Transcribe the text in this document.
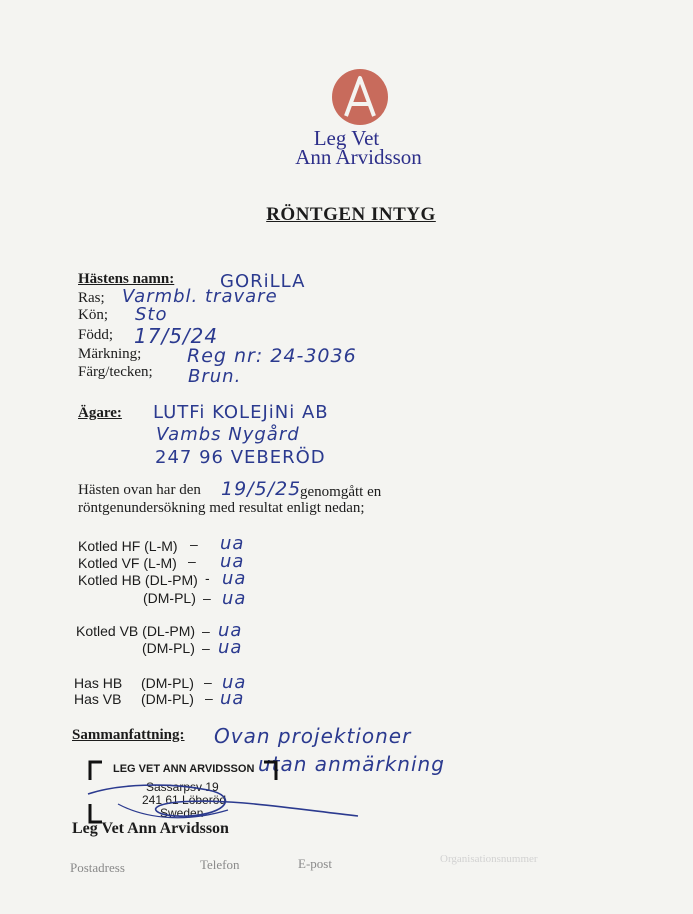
Leg Vet
Ann Arvidsson
RÖNTGEN INTYG
Hästens namn:	GORiLLA
Ras; Varmbl. travare
Kön; Sto
Född; 17/5/24
Märkning; Reg nr: 24-3036
Färg/tecken; Brun.
Ägare: LUTFi KOLEJiNi AB
Vambs Nygård
247 96 VEBERÖD
Hästen ovan har den 19/5/25
genomgått en
röntgenundersökning med resultat enligt nedan;
Kotled HF (L-M) – ua
Kotled VF (L-M) – ua
Kotled HB (DL-PM) - ua
(DM-PL) – ua
Kotled VB (DL-PM) – ua
(DM-PL) – ua
Has HB (DM-PL) – ua
Has VB (DM-PL) – ua
Sammanfattning: Ovan projektioner
utan anmärkning
LEG VET ANN ARVIDSSON
Sassarpsv 19
241 61 Löberöd
Sweden
Leg Vet Ann Arvidsson
Postadress	Telefon	E-post	Organisationsnummer
